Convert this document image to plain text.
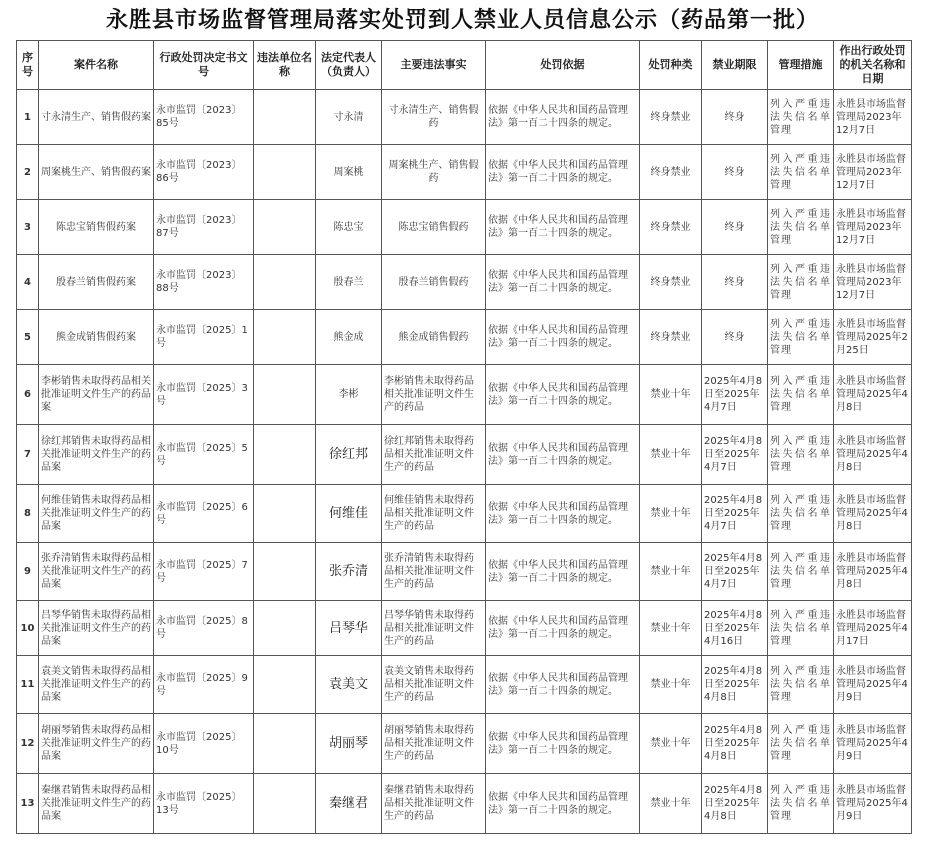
永胜县市场监督管理局落实处罚到人禁业人员信息公示（药品第一批）
序号	案件名称	行政处罚决定书文号	违法单位名称	法定代表人（负责人）	主要违法事实	处罚依据	处罚种类	禁业期限	管理措施	作出行政处罚的机关名称和日期
1	寸永清生产、销售假药案	永市监罚〔2023〕85号		寸永清	寸永清生产、销售假药	依据《中华人民共和国药品管理法》第一百二十四条的规定。	终身禁业	终身	列入严重违法失信名单管理	永胜县市场监督管理局2023年12月7日
2	周案桃生产、销售假药案	永市监罚〔2023〕86号		周案桃	周案桃生产、销售假药	依据《中华人民共和国药品管理法》第一百二十四条的规定。	终身禁业	终身	列入严重违法失信名单管理	永胜县市场监督管理局2023年12月7日
3	陈忠宝销售假药案	永市监罚〔2023〕87号		陈忠宝	陈忠宝销售假药	依据《中华人民共和国药品管理法》第一百二十四条的规定。	终身禁业	终身	列入严重违法失信名单管理	永胜县市场监督管理局2023年12月7日
4	殷春兰销售假药案	永市监罚〔2023〕88号		殷春兰	殷春兰销售假药	依据《中华人民共和国药品管理法》第一百二十四条的规定。	终身禁业	终身	列入严重违法失信名单管理	永胜县市场监督管理局2023年12月7日
5	熊金成销售假药案	永市监罚〔2025〕1号		熊金成	熊金成销售假药	依据《中华人民共和国药品管理法》第一百二十四条的规定。	终身禁业	终身	列入严重违法失信名单管理	永胜县市场监督管理局2025年2月25日
6	李彬销售未取得药品相关批准证明文件生产的药品案	永市监罚〔2025〕3号		李彬	李彬销售未取得药品相关批准证明文件生产的药品	依据《中华人民共和国药品管理法》第一百二十四条的规定。	禁业十年	2025年4月8日至2025年4月7日	列入严重违法失信名单管理	永胜县市场监督管理局2025年4月8日
7	徐红邦销售未取得药品相关批准证明文件生产的药品案	永市监罚〔2025〕5号		徐红邦	徐红邦销售未取得药品相关批准证明文件生产的药品	依据《中华人民共和国药品管理法》第一百二十四条的规定。	禁业十年	2025年4月8日至2025年4月7日	列入严重违法失信名单管理	永胜县市场监督管理局2025年4月8日
8	何维佳销售未取得药品相关批准证明文件生产的药品案	永市监罚〔2025〕6号		何维佳	何维佳销售未取得药品相关批准证明文件生产的药品	依据《中华人民共和国药品管理法》第一百二十四条的规定。	禁业十年	2025年4月8日至2025年4月7日	列入严重违法失信名单管理	永胜县市场监督管理局2025年4月8日
9	张乔清销售未取得药品相关批准证明文件生产的药品案	永市监罚〔2025〕7号		张乔清	张乔清销售未取得药品相关批准证明文件生产的药品	依据《中华人民共和国药品管理法》第一百二十四条的规定。	禁业十年	2025年4月8日至2025年4月7日	列入严重违法失信名单管理	永胜县市场监督管理局2025年4月8日
10	吕琴华销售未取得药品相关批准证明文件生产的药品案	永市监罚〔2025〕8号		吕琴华	吕琴华销售未取得药品相关批准证明文件生产的药品	依据《中华人民共和国药品管理法》第一百二十四条的规定。	禁业十年	2025年4月8日至2025年4月16日	列入严重违法失信名单管理	永胜县市场监督管理局2025年4月17日
11	袁美文销售未取得药品相关批准证明文件生产的药品案	永市监罚〔2025〕9号		袁美文	袁美文销售未取得药品相关批准证明文件生产的药品	依据《中华人民共和国药品管理法》第一百二十四条的规定。	禁业十年	2025年4月8日至2025年4月8日	列入严重违法失信名单管理	永胜县市场监督管理局2025年4月9日
12	胡丽琴销售未取得药品相关批准证明文件生产的药品案	永市监罚〔2025〕10号		胡丽琴	胡丽琴销售未取得药品相关批准证明文件生产的药品	依据《中华人民共和国药品管理法》第一百二十四条的规定。	禁业十年	2025年4月8日至2025年4月8日	列入严重违法失信名单管理	永胜县市场监督管理局2025年4月9日
13	秦继君销售未取得药品相关批准证明文件生产的药品案	永市监罚〔2025〕13号		秦继君	秦继君销售未取得药品相关批准证明文件生产的药品	依据《中华人民共和国药品管理法》第一百二十四条的规定。	禁业十年	2025年4月8日至2025年4月8日	列入严重违法失信名单管理	永胜县市场监督管理局2025年4月9日
